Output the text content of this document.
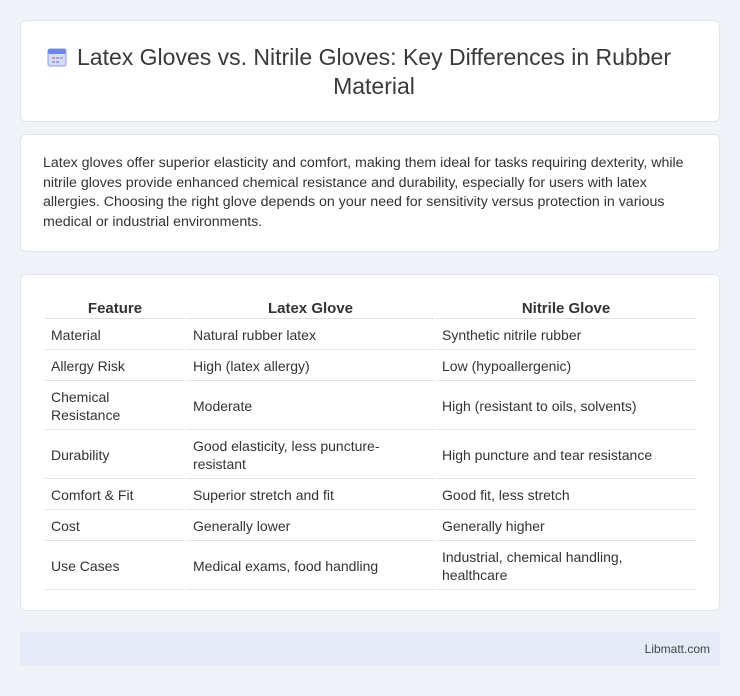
Latex Gloves vs. Nitrile Gloves: Key Differences in Rubber Material

Latex gloves offer superior elasticity and comfort, making them ideal for tasks requiring dexterity, while nitrile gloves provide enhanced chemical resistance and durability, especially for users with latex allergies. Choosing the right glove depends on your need for sensitivity versus protection in various medical or industrial environments.

Feature	Latex Glove	Nitrile Glove
Material	Natural rubber latex	Synthetic nitrile rubber
Allergy Risk	High (latex allergy)	Low (hypoallergenic)
Chemical Resistance	Moderate	High (resistant to oils, solvents)
Durability	Good elasticity, less puncture-resistant	High puncture and tear resistance
Comfort & Fit	Superior stretch and fit	Good fit, less stretch
Cost	Generally lower	Generally higher
Use Cases	Medical exams, food handling	Industrial, chemical handling, healthcare
Libmatt.com
